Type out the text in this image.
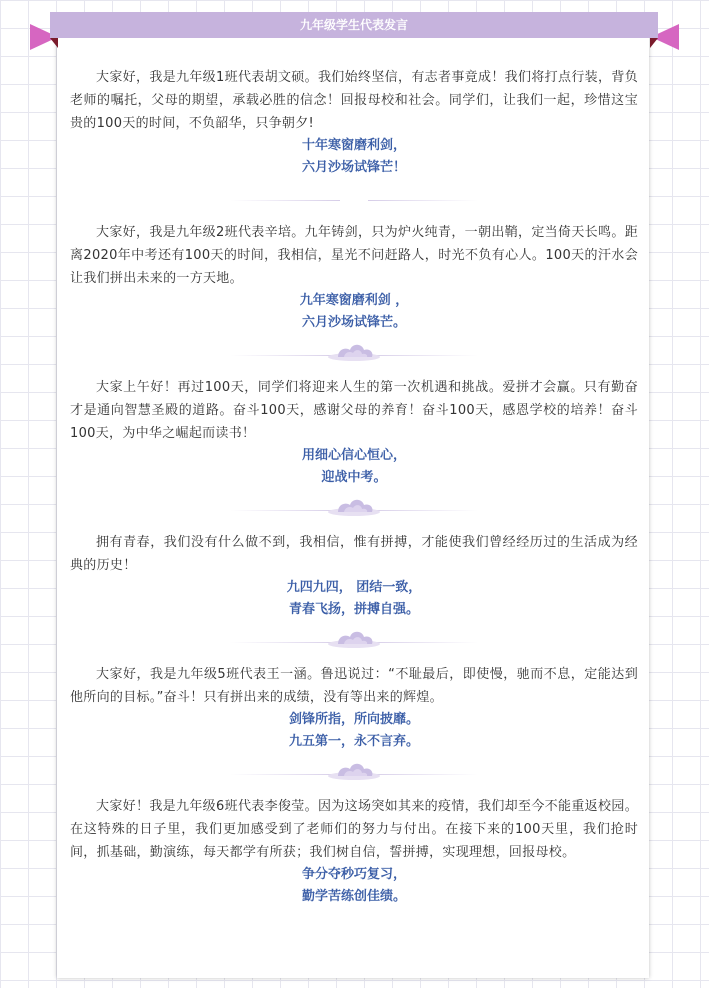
九年级学生代表发言

大家好，我是九年级1班代表胡文硕。我们始终坚信，有志者事竟成！我们将打点行装，背负老师的嘱托，父母的期望，承载必胜的信念！回报母校和社会。同学们，让我们一起，珍惜这宝贵的100天的时间，不负韶华，只争朝夕!

十年寒窗磨利剑，

六月沙场试锋芒！

大家好，我是九年级2班代表辛培。九年铸剑，只为炉火纯青，一朝出鞘，定当倚天长鸣。距离2020年中考还有100天的时间，我相信，星光不问赶路人，时光不负有心人。100天的汗水会让我们拼出未来的一方天地。

九年寒窗磨利剑 ，

六月沙场试锋芒。

大家上午好！再过100天，同学们将迎来人生的第一次机遇和挑战。爱拼才会赢。只有勤奋才是通向智慧圣殿的道路。奋斗100天，感谢父母的养育！奋斗100天，感恩学校的培养！奋斗100天，为中华之崛起而读书！

用细心信心恒心，

迎战中考。

拥有青春，我们没有什么做不到，我相信，惟有拼搏，才能使我们曾经经历过的生活成为经典的历史！

九四九四， 团结一致，

青春飞扬，拼搏自强。

大家好，我是九年级5班代表王一涵。鲁迅说过：“不耻最后，即使慢，驰而不息，定能达到他所向的目标。”奋斗！只有拼出来的成绩，没有等出来的辉煌。

剑锋所指，所向披靡。

九五第一，永不言弃。

大家好！我是九年级6班代表李俊莹。因为这场突如其来的疫情，我们却至今不能重返校园。在这特殊的日子里，我们更加感受到了老师们的努力与付出。在接下来的100天里，我们抢时间，抓基础，勤演练，每天都学有所获；我们树自信，誓拼搏，实现理想，回报母校。

争分夺秒巧复习，

勤学苦练创佳绩。
